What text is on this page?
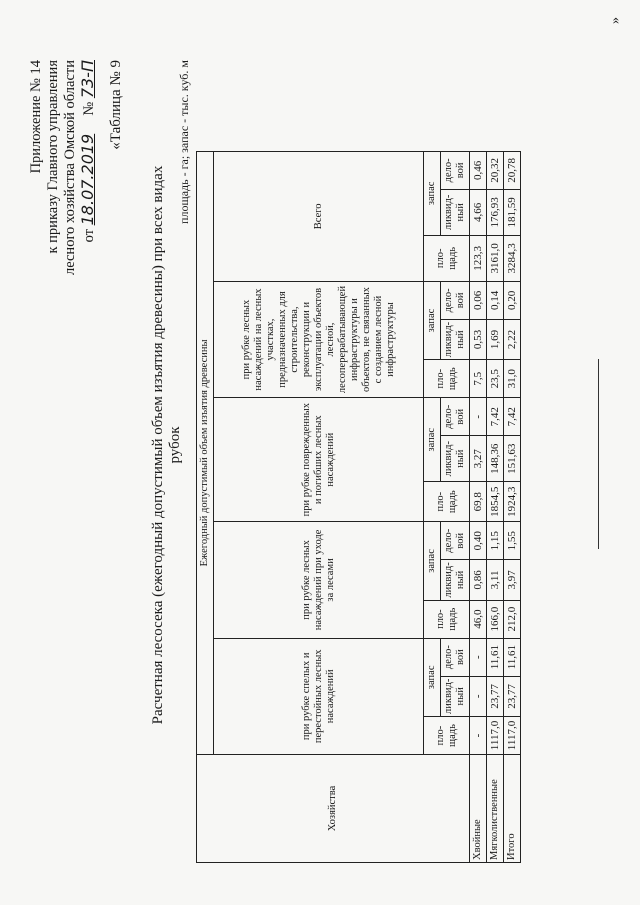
Приложение № 14 к приказу Главного управления лесного хозяйства Омской области от 18.07.2019     № 73-П «Таблица № 9
Расчетная лесосека (ежегодный допустимый объем изъятия древесины) при всех видах рубок
площадь - га; запас - тыс. куб. м
Хозяйства	Ежегодный допустимый объем изъятия древесины														
	при рубке спелых и перестойных лесных насаждений			при рубке лесных насаждений при уходе за лесами			при рубке поврежденных и погибших лесных насаждений			при рубке лесных насаждений на лесных участках, предназначенных для строительства, реконструкции и эксплуатации объектов лесной, лесоперерабатывающей инфраструктуры и объектов, не связанных с созданием лесной инфраструктуры			Всего		
	пло-щадь	запас		пло-щадь	запас		пло-щадь	запас		пло-щадь	запас		пло-щадь	запас	
		ликвид-ный	дело-вой		ликвид-ный	дело-вой		ликвид-ный	дело-вой		ликвид-ный	дело-вой		ликвид-ный	дело-вой
Хвойные	-	-	-	46,0	0,86	0,40	69,8	3,27	-	7,5	0,53	0,06	123,3	4,66	0,46
Мягколиственные	1117,0	23,77	11,61	166,0	3,11	1,15	1854,5	148,36	7,42	23,5	1,69	0,14	3161,0	176,93	20,32
Итого	1117,0	23,77	11,61	212,0	3,97	1,55	1924,3	151,63	7,42	31,0	2,22	0,20	3284,3	181,59	20,78
»
